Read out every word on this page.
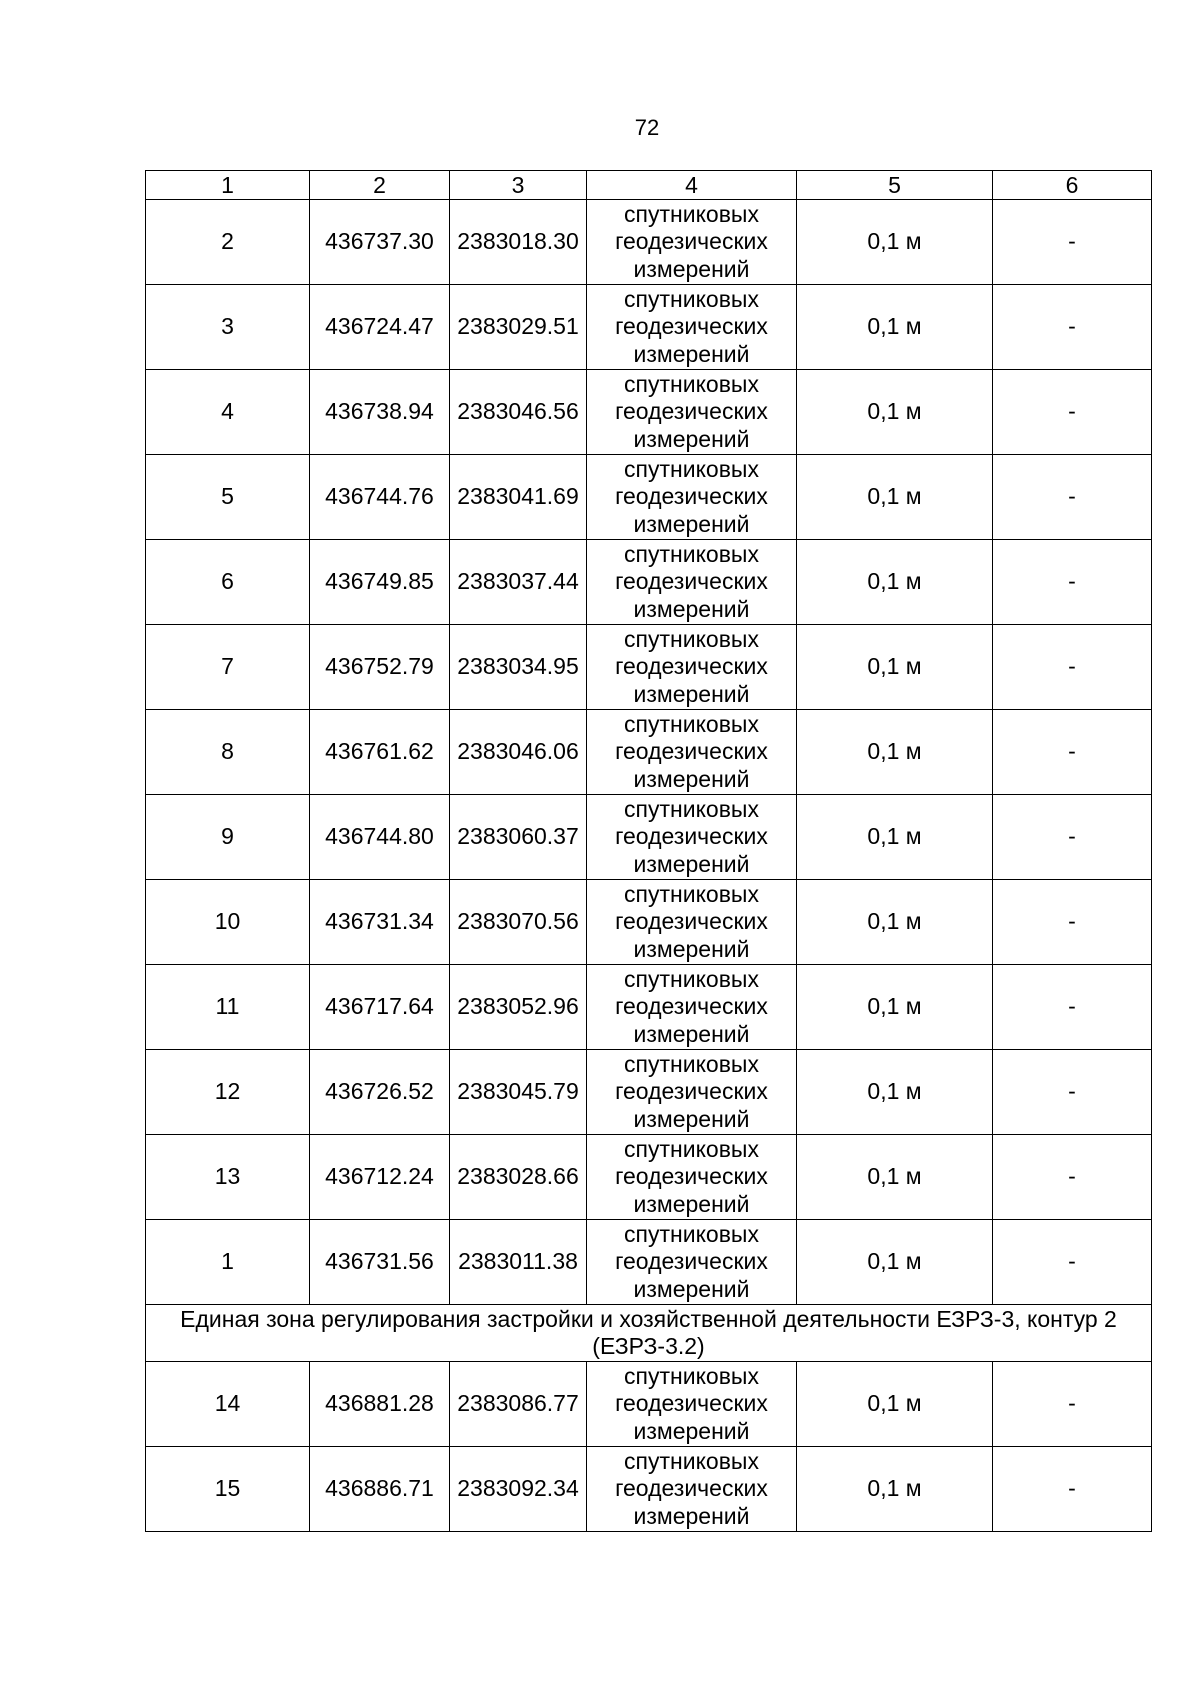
72
1	2	3	4	5	6
2	436737.30	2383018.30	спутниковых геодезических измерений	0,1 м	-
3	436724.47	2383029.51	спутниковых геодезических измерений	0,1 м	-
4	436738.94	2383046.56	спутниковых геодезических измерений	0,1 м	-
5	436744.76	2383041.69	спутниковых геодезических измерений	0,1 м	-
6	436749.85	2383037.44	спутниковых геодезических измерений	0,1 м	-
7	436752.79	2383034.95	спутниковых геодезических измерений	0,1 м	-
8	436761.62	2383046.06	спутниковых геодезических измерений	0,1 м	-
9	436744.80	2383060.37	спутниковых геодезических измерений	0,1 м	-
10	436731.34	2383070.56	спутниковых геодезических измерений	0,1 м	-
11	436717.64	2383052.96	спутниковых геодезических измерений	0,1 м	-
12	436726.52	2383045.79	спутниковых геодезических измерений	0,1 м	-
13	436712.24	2383028.66	спутниковых геодезических измерений	0,1 м	-
1	436731.56	2383011.38	спутниковых геодезических измерений	0,1 м	-
Единая зона регулирования застройки и хозяйственной деятельности ЕЗРЗ-3, контур 2 (ЕЗРЗ-3.2)					
14	436881.28	2383086.77	спутниковых геодезических измерений	0,1 м	-
15	436886.71	2383092.34	спутниковых геодезических измерений	0,1 м	-
